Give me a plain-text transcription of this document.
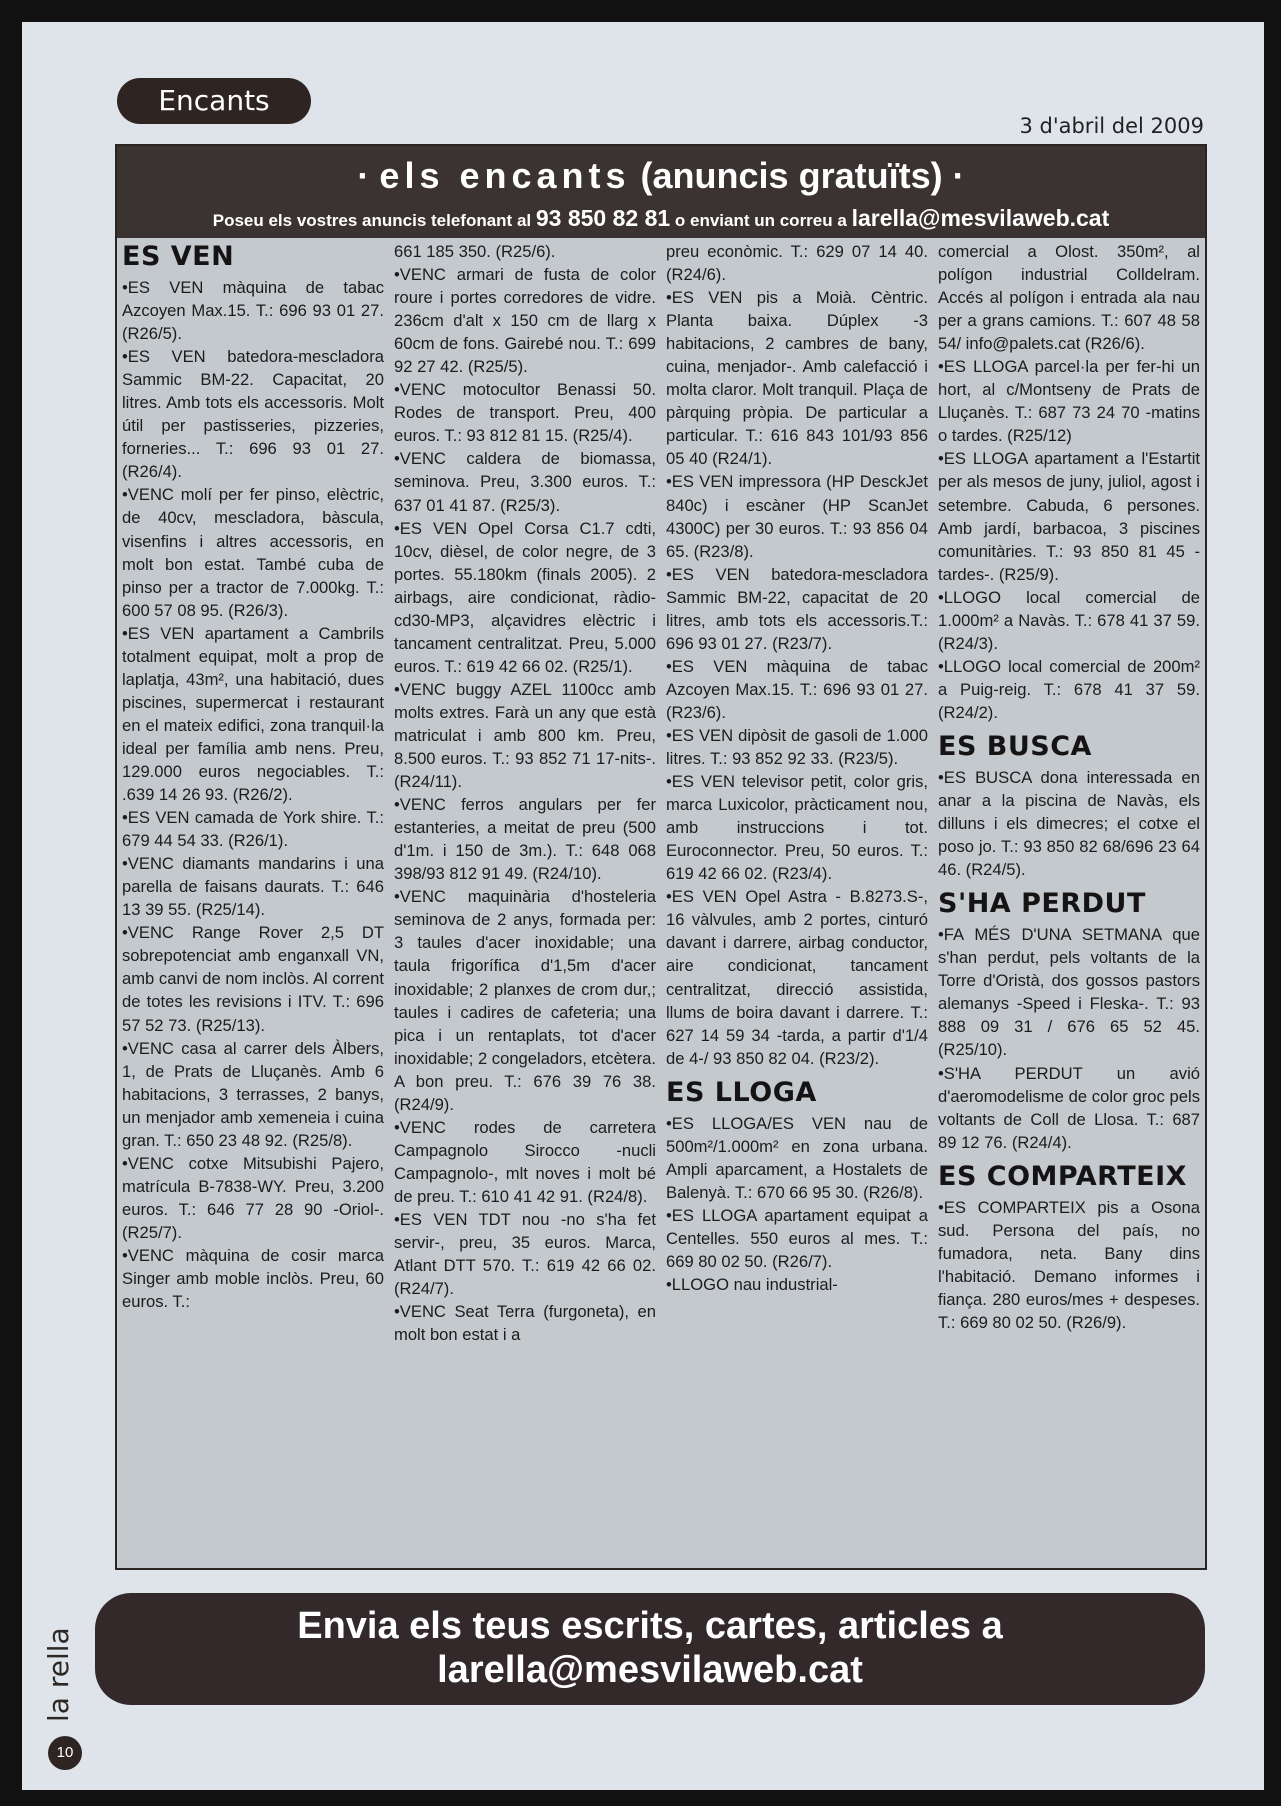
Encants
3 d'abril del 2009
· els encants (anuncis gratuïts) ·
Poseu els vostres anuncis telefonant al 93 850 82 81 o enviant un correu a larella@mesvilaweb.cat
ES VEN

•ES VEN màquina de tabac Azcoyen Max.15. T.: 696 93 01 27. (R26/5).

•ES VEN batedora-mescladora Sammic BM-22. Capacitat, 20 litres. Amb tots els accessoris. Molt útil per pastisseries, pizzeries, forneries... T.: 696 93 01 27. (R26/4).

•VENC molí per fer pinso, elèctric, de 40cv, mescladora, bàscula, visenfins i altres accessoris, en molt bon estat. També cuba de pinso per a tractor de 7.000kg. T.: 600 57 08 95. (R26/3).

•ES VEN apartament a Cambrils totalment equipat, molt a prop de laplatja, 43m², una habitació, dues piscines, supermercat i restaurant en el mateix edifici, zona tranquil·la ideal per família amb nens. Preu, 129.000 euros negociables. T.: .639 14 26 93. (R26/2).

•ES VEN camada de York shire. T.: 679 44 54 33. (R26/1).

•VENC diamants mandarins i una parella de faisans daurats. T.: 646 13 39 55. (R25/14).

•VENC Range Rover 2,5 DT sobrepotenciat amb enganxall VN, amb canvi de nom inclòs. Al corrent de totes les revisions i ITV. T.: 696 57 52 73. (R25/13).

•VENC casa al carrer dels Àlbers, 1, de Prats de Lluçanès. Amb 6 habitacions, 3 terrasses, 2 banys, un menjador amb xemeneia i cuina gran. T.: 650 23 48 92. (R25/8).

•VENC cotxe Mitsubishi Pajero, matrícula B-7838-WY. Preu, 3.200 euros. T.: 646 77 28 90 -Oriol-. (R25/7).

•VENC màquina de cosir marca Singer amb moble inclòs. Preu, 60 euros. T.:

661 185 350. (R25/6).

•VENC armari de fusta de color roure i portes corredores de vidre. 236cm d'alt x 150 cm de llarg x 60cm de fons. Gairebé nou. T.: 699 92 27 42. (R25/5).

•VENC motocultor Benassi 50. Rodes de transport. Preu, 400 euros. T.: 93 812 81 15. (R25/4).

•VENC caldera de biomassa, seminova. Preu, 3.300 euros. T.: 637 01 41 87. (R25/3).

•ES VEN Opel Corsa C1.7 cdti, 10cv, dièsel, de color negre, de 3 portes. 55.180km (finals 2005). 2 airbags, aire condicionat, ràdio-cd30-MP3, alçavidres elèctric i tancament centralitzat. Preu, 5.000 euros. T.: 619 42 66 02. (R25/1).

•VENC buggy AZEL 1100cc amb molts extres. Farà un any que està matriculat i amb 800 km. Preu, 8.500 euros. T.: 93 852 71 17-nits-. (R24/11).

•VENC ferros angulars per fer estanteries, a meitat de preu (500 d'1m. i 150 de 3m.). T.: 648 068 398/93 812 91 49. (R24/10).

•VENC maquinària d'hosteleria seminova de 2 anys, formada per: 3 taules d'acer inoxidable; una taula frigorífica d'1,5m d'acer inoxidable; 2 planxes de crom dur,; taules i cadires de cafeteria; una pica i un rentaplats, tot d'acer inoxidable; 2 congeladors, etcètera. A bon preu. T.: 676 39 76 38. (R24/9).

•VENC rodes de carretera Campagnolo Sirocco -nucli Campagnolo-, mlt noves i molt bé de preu. T.: 610 41 42 91. (R24/8).

•ES VEN TDT nou -no s'ha fet servir-, preu, 35 euros. Marca, Atlant DTT 570. T.: 619 42 66 02. (R24/7).

•VENC Seat Terra (furgoneta), en molt bon estat i a

preu econòmic. T.: 629 07 14 40. (R24/6).

•ES VEN pis a Moià. Cèntric. Planta baixa. Dúplex -3 habitacions, 2 cambres de bany, cuina, menjador-. Amb calefacció i molta claror. Molt tranquil. Plaça de pàrquing pròpia. De particular a particular. T.: 616 843 101/93 856 05 40 (R24/1).

•ES VEN impressora (HP DesckJet 840c) i escàner (HP ScanJet 4300C) per 30 euros. T.: 93 856 04 65. (R23/8).

•ES VEN batedora-mescladora Sammic BM-22, capacitat de 20 litres, amb tots els accessoris.T.: 696 93 01 27. (R23/7).

•ES VEN màquina de tabac Azcoyen Max.15. T.: 696 93 01 27. (R23/6).

•ES VEN dipòsit de gasoli de 1.000 litres. T.: 93 852 92 33. (R23/5).

•ES VEN televisor petit, color gris, marca Luxicolor, pràcticament nou, amb instruccions i tot. Euroconnector. Preu, 50 euros. T.: 619 42 66 02. (R23/4).

•ES VEN Opel Astra - B.8273.S-, 16 vàlvules, amb 2 portes, cinturó davant i darrere, airbag conductor, aire condicionat, tancament centralitzat, direcció assistida, llums de boira davant i darrere. T.: 627 14 59 34 -tarda, a partir d'1/4 de 4-/ 93 850 82 04. (R23/2).

ES LLOGA

•ES LLOGA/ES VEN nau de 500m²/1.000m² en zona urbana. Ampli aparcament, a Hostalets de Balenyà. T.: 670 66 95 30. (R26/8).

•ES LLOGA apartament equipat a Centelles. 550 euros al mes. T.: 669 80 02 50. (R26/7).

•LLOGO nau industrial-

comercial a Olost. 350m², al polígon industrial Colldelram. Accés al polígon i entrada ala nau per a grans camions. T.: 607 48 58 54/ info@palets.cat (R26/6).

•ES LLOGA parcel·la per fer-hi un hort, al c/Montseny de Prats de Lluçanès. T.: 687 73 24 70 -matins o tardes. (R25/12)

•ES LLOGA apartament a l'Estartit per als mesos de juny, juliol, agost i setembre. Cabuda, 6 persones. Amb jardí, barbacoa, 3 piscines comunitàries. T.: 93 850 81 45 -tardes-. (R25/9).

•LLOGO local comercial de 1.000m² a Navàs. T.: 678 41 37 59. (R24/3).

•LLOGO local comercial de 200m² a Puig-reig. T.: 678 41 37 59. (R24/2).

ES BUSCA

•ES BUSCA dona interessada en anar a la piscina de Navàs, els dilluns i els dimecres; el cotxe el poso jo. T.: 93 850 82 68/696 23 64 46. (R24/5).

S'HA PERDUT

•FA MÉS D'UNA SETMANA que s'han perdut, pels voltants de la Torre d'Oristà, dos gossos pastors alemanys -Speed i Fleska-. T.: 93 888 09 31 / 676 65 52 45. (R25/10).

•S'HA PERDUT un avió d'aeromodelisme de color groc pels voltants de Coll de Llosa. T.: 687 89 12 76. (R24/4).

ES COMPARTEIX

•ES COMPARTEIX pis a Osona sud. Persona del país, no fumadora, neta. Bany dins l'habitació. Demano informes i fiança. 280 euros/mes + despeses. T.: 669 80 02 50. (R26/9).

Envia els teus escrits, cartes, articles a
larella@mesvilaweb.cat
la rella
10
